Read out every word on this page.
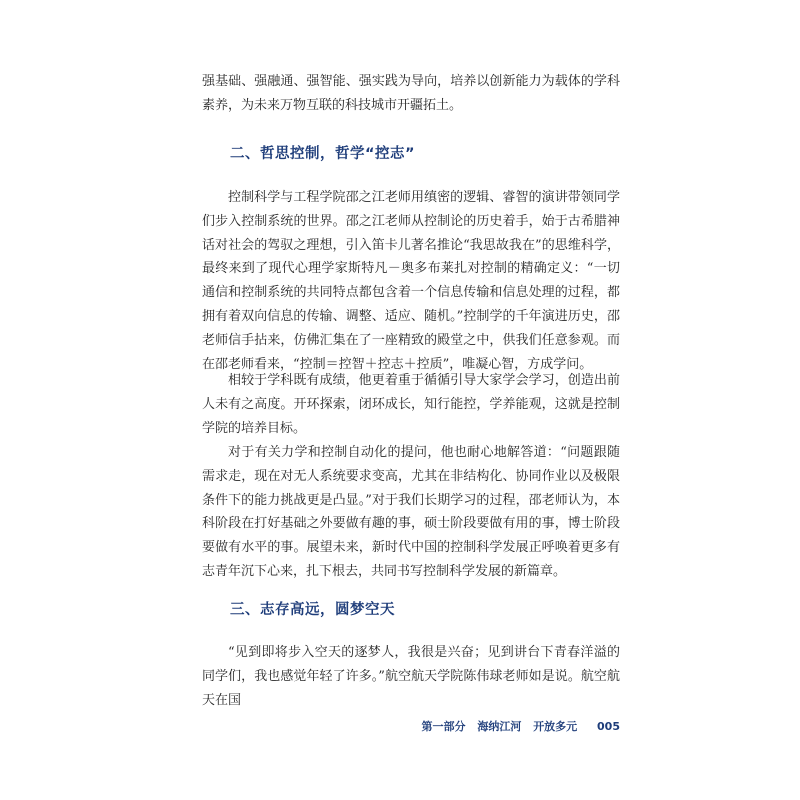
强基础、强融通、强智能、强实践为导向，培养以创新能力为载体的学科素养，为未来万物互联的科技城市开疆拓土。

二、哲思控制，哲学“控志”

控制科学与工程学院邵之江老师用缜密的逻辑、睿智的演讲带领同学们步入控制系统的世界。邵之江老师从控制论的历史着手，始于古希腊神话对社会的驾驭之理想，引入笛卡儿著名推论“我思故我在”的思维科学，最终来到了现代心理学家斯特凡－奥多布莱扎对控制的精确定义：“一切通信和控制系统的共同特点都包含着一个信息传输和信息处理的过程，都拥有着双向信息的传输、调整、适应、随机。”控制学的千年演进历史，邵老师信手拈来，仿佛汇集在了一座精致的殿堂之中，供我们任意参观。而在邵老师看来，“控制＝控智＋控志＋控质”，唯凝心智，方成学问。

相较于学科既有成绩，他更着重于循循引导大家学会学习，创造出前人未有之高度。开环探索，闭环成长，知行能控，学养能观，这就是控制学院的培养目标。

对于有关力学和控制自动化的提问，他也耐心地解答道：“问题跟随需求走，现在对无人系统要求变高，尤其在非结构化、协同作业以及极限条件下的能力挑战更是凸显。”对于我们长期学习的过程，邵老师认为，本科阶段在打好基础之外要做有趣的事，硕士阶段要做有用的事，博士阶段要做有水平的事。展望未来，新时代中国的控制科学发展正呼唤着更多有志青年沉下心来，扎下根去，共同书写控制科学发展的新篇章。

三、志存高远，圆梦空天

“见到即将步入空天的逐梦人，我很是兴奋；见到讲台下青春洋溢的同学们，我也感觉年轻了许多。”航空航天学院陈伟球老师如是说。航空航天在国

第一部分 海纳江河 开放多元 005
